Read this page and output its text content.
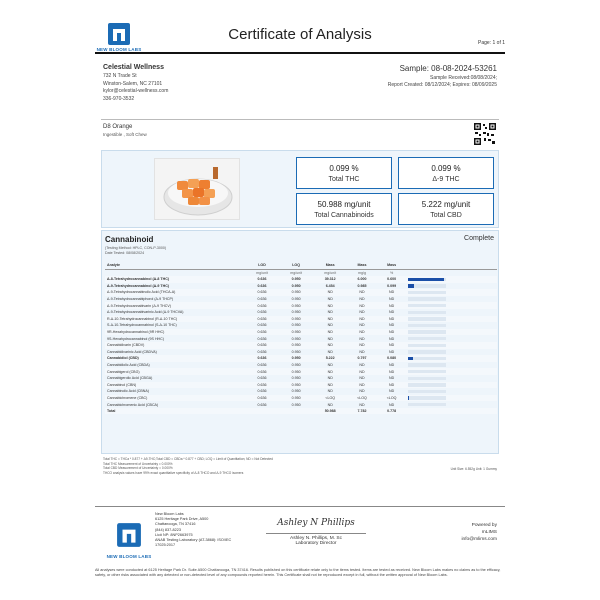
NEW BLOOM LABS
Certificate of Analysis	Page: 1 of 1
Celestial Wellness
732 N Trade St
Winston-Salem, NC 27101
kylor@celestial-wellness.com
336-970-3532
Sample: 08-08-2024-53261
Sample Received:08/08/2024;
Report Created: 08/12/2024; Expires: 08/09/2025
D8 Orange
Ingestible , Soft Chew
0.099 %
Total THC
0.099 %
Δ-9 THC
50.988 mg/unit
Total Cannabinoids
5.222 mg/unit
Total CBD
Cannabinoid	Complete
(Testing Method: HPLC, CON-P-3000)
Date Tested: 08/08/2024
Analyte	LOD	LOQ	Mass	Mass	Mass	
	mg/unit	mg/unit	mg/unit	mg/g	%	
Δ-8-Tetrahydrocannabinol (Δ-8 THC)	0.636	0.950	39.312	6.000	0.600	

Δ-9-Tetrahydrocannabinol (Δ-9 THC)	0.636	0.950	6.454	0.985	0.099	

Δ-9-Tetrahydrocannabinolic Acid (THCA-A)	0.636	0.950	ND	ND	ND	

Δ-9-Tetrahydrocannabiphorol (Δ-9 THCP)	0.636	0.950	ND	ND	ND	

Δ-9-Tetrahydrocannabivarin (Δ-9 THCV)	0.636	0.950	ND	ND	ND	

Δ-9-Tetrahydrocannabivarinic Acid (Δ-9 THCVA)	0.636	0.950	ND	ND	ND	

R-Δ-10-Tetrahydrocannabinol (R-Δ-10 THC)	0.636	0.950	ND	ND	ND	

S-Δ-10-Tetrahydrocannabinol (S-Δ-10 THC)	0.636	0.950	ND	ND	ND	

9R-Hexahydrocannabinol (9R HHC)	0.636	0.950	ND	ND	ND	

9S-Hexahydrocannabinol (9S HHC)	0.636	0.950	ND	ND	ND	

Cannabidivarin (CBDV)	0.636	0.950	ND	ND	ND	

Cannabidivarinic Acid (CBDVA)	0.636	0.950	ND	ND	ND	

Cannabidiol (CBD)	0.636	0.950	5.222	0.797	0.080	

Cannabidiolic Acid (CBDA)	0.636	0.950	ND	ND	ND	

Cannabigerol (CBG)	0.636	0.950	ND	ND	ND	

Cannabigerolic Acid (CBGA)	0.636	0.950	ND	ND	ND	

Cannabinol (CBN)	0.636	0.950	ND	ND	ND	

Cannabinolic Acid (CBNA)	0.636	0.950	ND	ND	ND	

Cannabichromene (CBC)	0.636	0.950	<LOQ	<LOQ	<LOQ	

Cannabichromenic Acid (CBCA)	0.636	0.950	ND	ND	ND	

Total			50.988	7.782	0.778	
Total THC = THCa * 0.877 + Δ9-THC;Total CBD = CBDa * 0.877 + CBD; LOQ = Limit of Quantitation; ND = Not Detected
Total THC Measurement of Uncertainty = 0.000%
Total CBD Measurement of Uncertainty = 0.000%
THCO analysis values have 99% exact quantitative specificity of Δ-8 THCO and Δ-9 THCO isomers
Unit Size: 6.552g Unit: 1 Gummy
NEW BLOOM LABS
New Bloom Labs
6125 Heritage Park Drive, A500
Chattanooga, TN 37416
(844) 837-8223
Lic# NP: 8NP2663975
ANAB Testing Laboratory (AT-3868): ISO/IEC
17025:2017
Ashley N Phillips
Ashley N. Phillips, M. Sc
Laboratory Director
Powered by
mLIMS
info@mlims.com
All analyses were conducted at 6125 Heritage Park Dr. Suite A500 Chattanooga, TN 37416. Results published on this certificate relate only to the items tested. Items are tested as received. New Bloom Labs makes no claims as to the efficacy, safety, or other risks associated with any detected or non-detected level of any compounds reported herein. This Certificate shall not be reproduced except in full, without the written approval of New Bloom Labs.
